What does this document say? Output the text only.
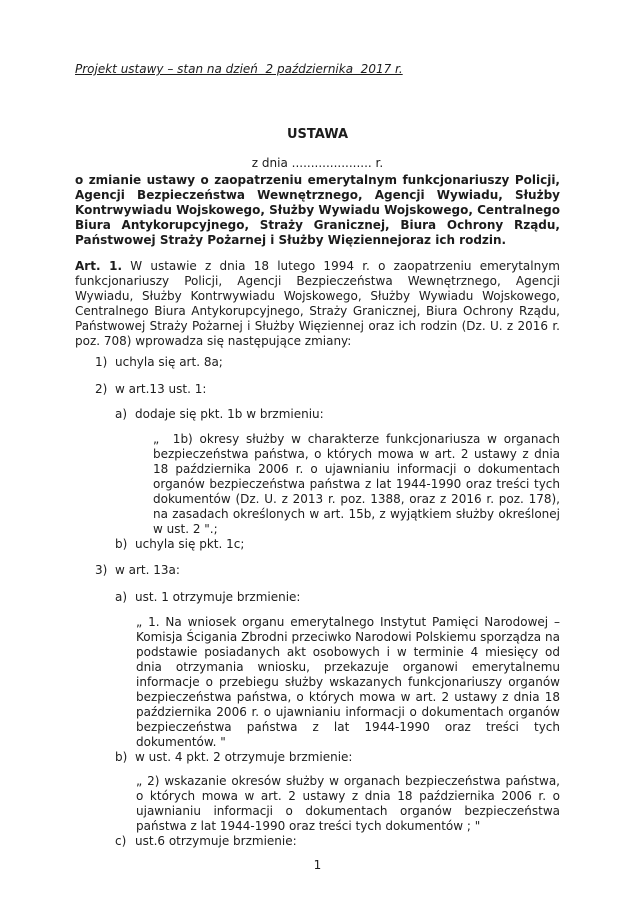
Projekt ustawy – stan na dzień  2 października  2017 r.

USTAWA

z dnia ..................... r.

o zmianie ustawy o zaopatrzeniu emerytalnym funkcjonariuszy Policji, Agencji Bezpieczeństwa Wewnętrznego, Agencji Wywiadu, Służby Kontrwywiadu Wojskowego, Służby Wywiadu Wojskowego, Centralnego Biura Antykorupcyjnego, Straży Granicznej, Biura Ochrony Rządu, Państwowej Straży Pożarnej i Służby Więziennejoraz ich rodzin.

Art. 1. W ustawie z dnia 18 lutego 1994 r. o zaopatrzeniu emerytalnym funkcjonariuszy Policji, Agencji Bezpieczeństwa Wewnętrznego, Agencji Wywiadu, Służby Kontrwywiadu Wojskowego, Służby Wywiadu Wojskowego, Centralnego Biura Antykorupcyjnego, Straży Granicznej, Biura Ochrony Rządu, Państwowej Straży Pożarnej i Służby Więziennej oraz ich rodzin (Dz. U. z 2016 r. poz. 708) wprowadza się następujące zmiany:

1) uchyla się art. 8a;
2) w art.13 ust. 1:
a) dodaje się pkt. 1b w brzmieniu:

„  1b) okresy służby w charakterze funkcjonariusza w organach bezpieczeństwa państwa, o których mowa w art. 2 ustawy z dnia 18 października 2006 r. o ujawnianiu informacji o dokumentach organów bezpieczeństwa państwa z lat 1944-1990 oraz treści tych dokumentów (Dz. U. z 2013 r. poz. 1388, oraz z 2016 r. poz. 178), na zasadach określonych w art. 15b, z wyjątkiem służby określonej w ust. 2 ".;

b) uchyla się pkt. 1c;
3) w art. 13a:
a) ust. 1 otrzymuje brzmienie:

„ 1. Na wniosek organu emerytalnego Instytut Pamięci Narodowej – Komisja Ścigania Zbrodni przeciwko Narodowi Polskiemu sporządza na podstawie posiadanych akt osobowych i w terminie 4 miesięcy od dnia otrzymania wniosku, przekazuje organowi emerytalnemu informacje o przebiegu służby wskazanych funkcjonariuszy organów bezpieczeństwa państwa, o których mowa w art. 2 ustawy z dnia 18 października 2006 r. o ujawnianiu informacji o dokumentach organów bezpieczeństwa państwa z lat 1944-1990 oraz treści tych dokumentów. "

b) w ust. 4 pkt. 2 otrzymuje brzmienie:

„ 2) wskazanie okresów służby w organach bezpieczeństwa państwa, o których mowa w art. 2 ustawy z dnia 18 października 2006 r. o ujawnianiu informacji o dokumentach organów bezpieczeństwa państwa z lat 1944-1990 oraz treści tych dokumentów ; "

c) ust.6 otrzymuje brzmienie:
1
